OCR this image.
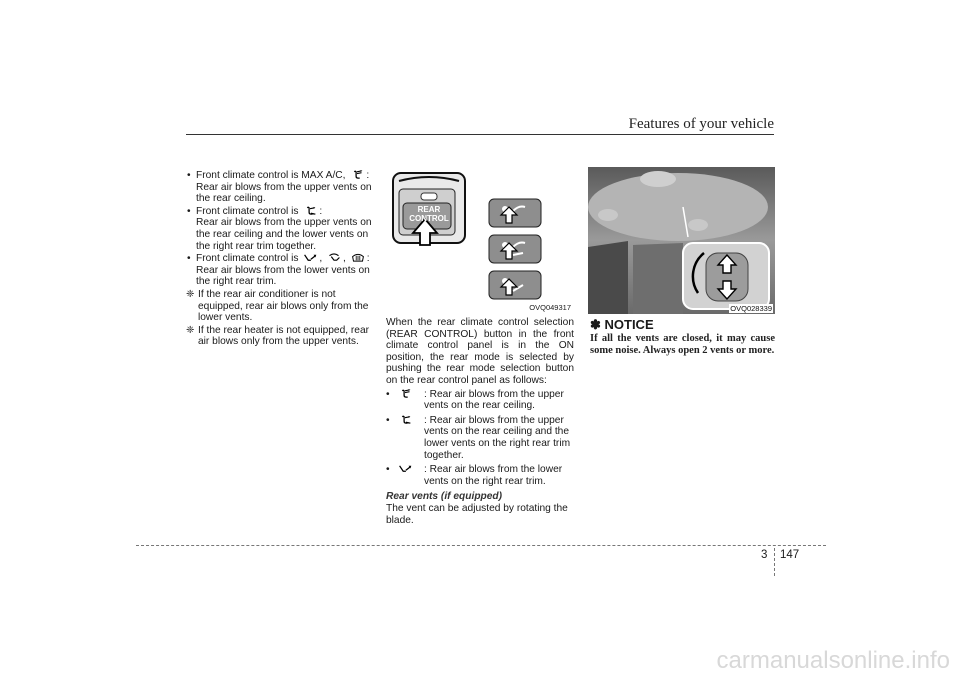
Features of your vehicle
• Front climate control is MAX A/C, :
Rear air blows from the upper vents on the rear ceiling.
• Front climate control is :
Rear air blows from the upper vents on the rear ceiling and the lower vents on the right rear trim together.
• Front climate control is , , :
Rear air blows from the lower vents on the right rear trim.
❈ If the rear air conditioner is not equipped, rear air blows only from the lower vents.
❈ If the rear heater is not equipped, rear air blows only from the upper vents.
REAR
CONTROL
OVQ049317

When the rear climate control selection (REAR CONTROL) button in the front climate control panel is in the ON position, the rear mode is selected by pushing the rear mode selection button on the rear control panel as follows:

•	: Rear air blows from the upper vents on the rear ceiling.
•	: Rear air blows from the upper vents on the rear ceiling and the lower vents on the right rear trim together.
•	: Rear air blows from the lower vents on the right rear trim.

Rear vents (if equipped)

The vent can be adjusted by rotating the blade.

OVQ028339
✽ NOTICE
If all the vents are closed, it may cause some noise. Always open 2 vents or more.
3 147
carmanualsonline.info
